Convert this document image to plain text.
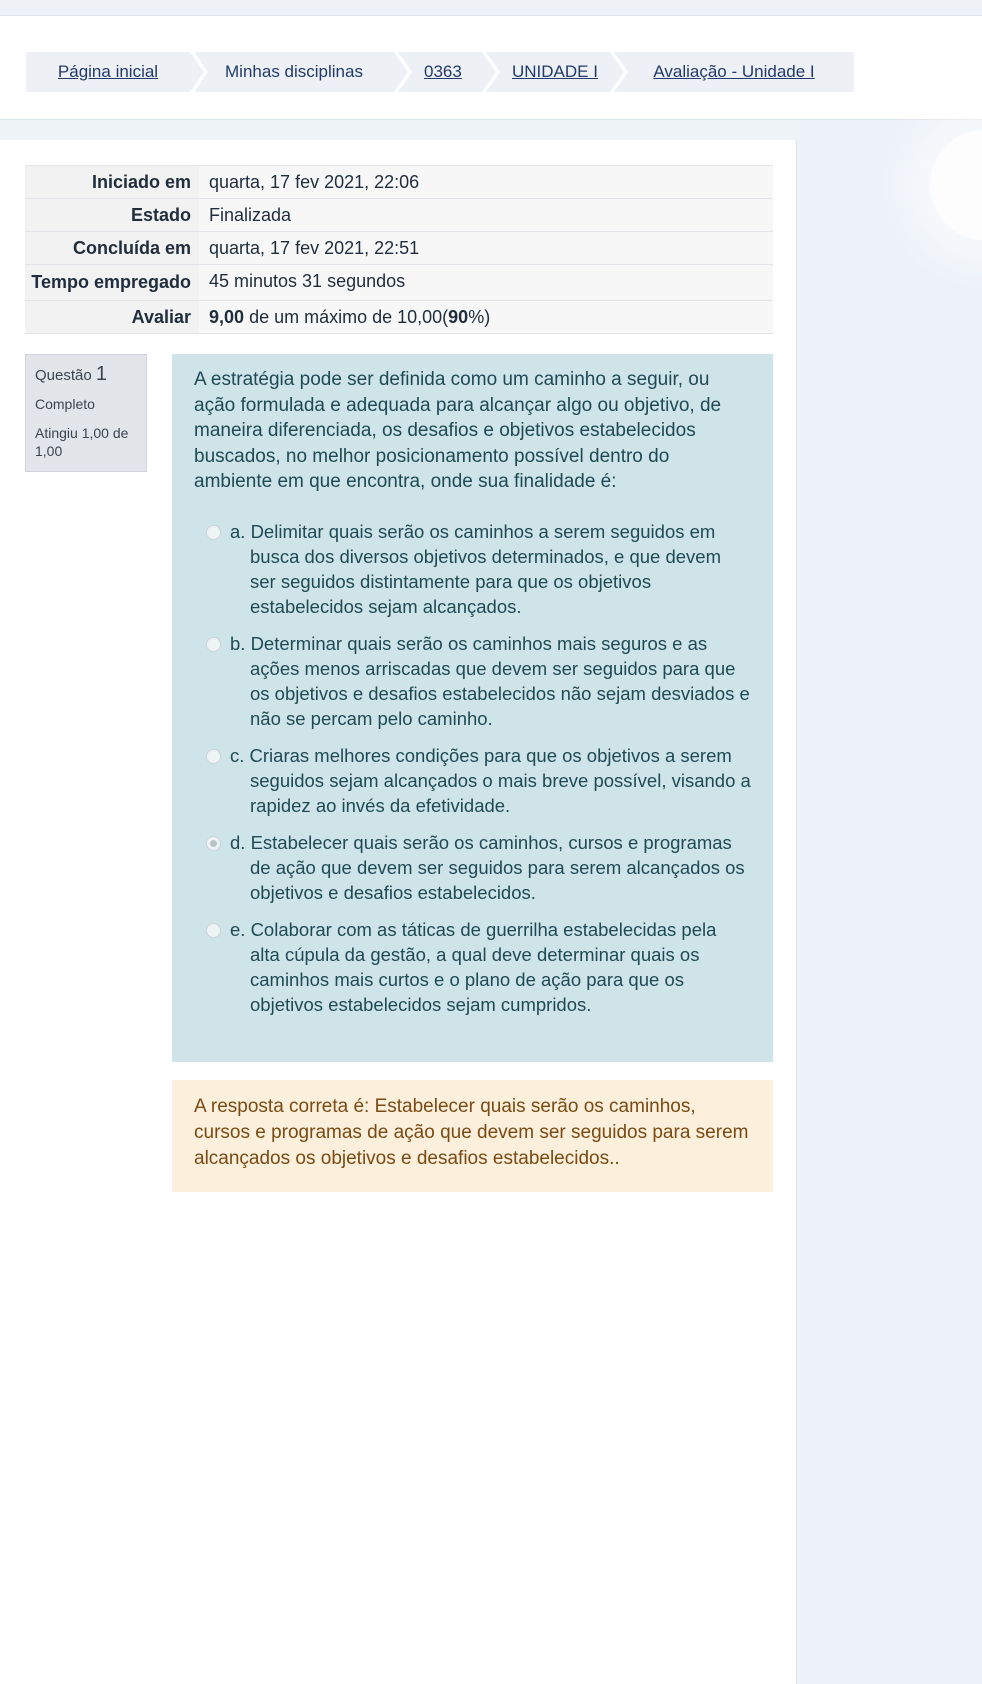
Página inicial	Minhas disciplinas	0363	UNIDADE I	Avaliação - Unidade I
Iniciado em	quarta, 17 fev 2021, 22:06
Estado	Finalizada
Concluída em	quarta, 17 fev 2021, 22:51
Tempo empregado	45 minutos 31 segundos
Avaliar	9,00 de um máximo de 10,00(90%)
Questão 1
Completo
Atingiu 1,00 de 1,00
A estratégia pode ser definida como um caminho a seguir, ou ação formulada e adequada para alcançar algo ou objetivo, de maneira diferenciada, os desafios e objetivos estabelecidos buscados, no melhor posicionamento possível dentro do ambiente em que encontra, onde sua finalidade é:
a. Delimitar quais serão os caminhos a serem seguidos em busca dos diversos objetivos determinados, e que devem ser seguidos distintamente para que os objetivos estabelecidos sejam alcançados.
b. Determinar quais serão os caminhos mais seguros e as ações menos arriscadas que devem ser seguidos para que os objetivos e desafios estabelecidos não sejam desviados e não se percam pelo caminho.
c. Criaras melhores condições para que os objetivos a serem seguidos sejam alcançados o mais breve possível, visando a rapidez ao invés da efetividade.
d. Estabelecer quais serão os caminhos, cursos e programas de ação que devem ser seguidos para serem alcançados os objetivos e desafios estabelecidos.
e. Colaborar com as táticas de guerrilha estabelecidas pela alta cúpula da gestão, a qual deve determinar quais os caminhos mais curtos e o plano de ação para que os objetivos estabelecidos sejam cumpridos.
A resposta correta é: Estabelecer quais serão os caminhos, cursos e programas de ação que devem ser seguidos para serem alcançados os objetivos e desafios estabelecidos..
